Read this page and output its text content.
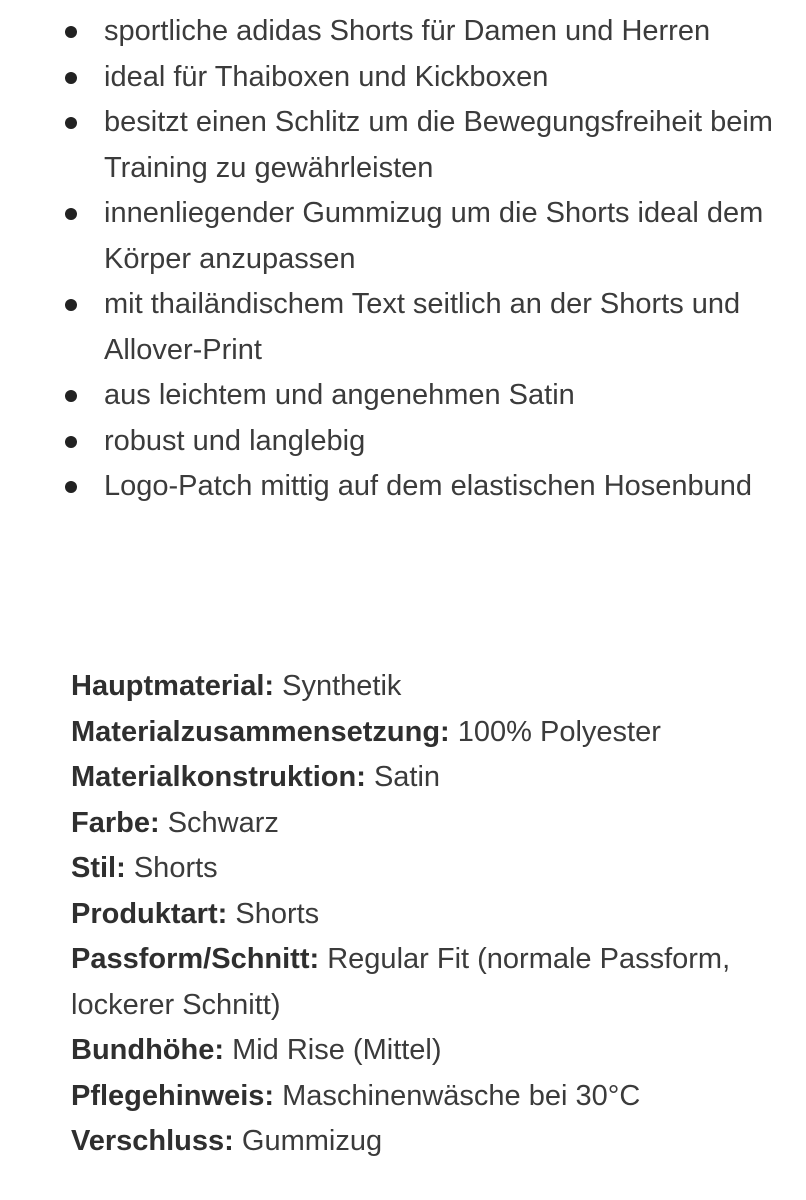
sportliche adidas Shorts für Damen und Herren
ideal für Thaiboxen und Kickboxen
besitzt einen Schlitz um die Bewegungsfreiheit beim Training zu gewährleisten
innenliegender Gummizug um die Shorts ideal dem Körper anzupassen
mit thailändischem Text seitlich an der Shorts und Allover-Print
aus leichtem und angenehmen Satin
robust und langlebig
Logo-Patch mittig auf dem elastischen Hosenbund

Hauptmaterial: Synthetik

Materialzusammensetzung: 100% Polyester

Materialkonstruktion: Satin

Farbe: Schwarz

Stil: Shorts

Produktart: Shorts

Passform/Schnitt: Regular Fit (normale Passform, lockerer Schnitt)

Bundhöhe: Mid Rise (Mittel)

Pflegehinweis: Maschinenwäsche bei 30°C

Verschluss: Gummizug
